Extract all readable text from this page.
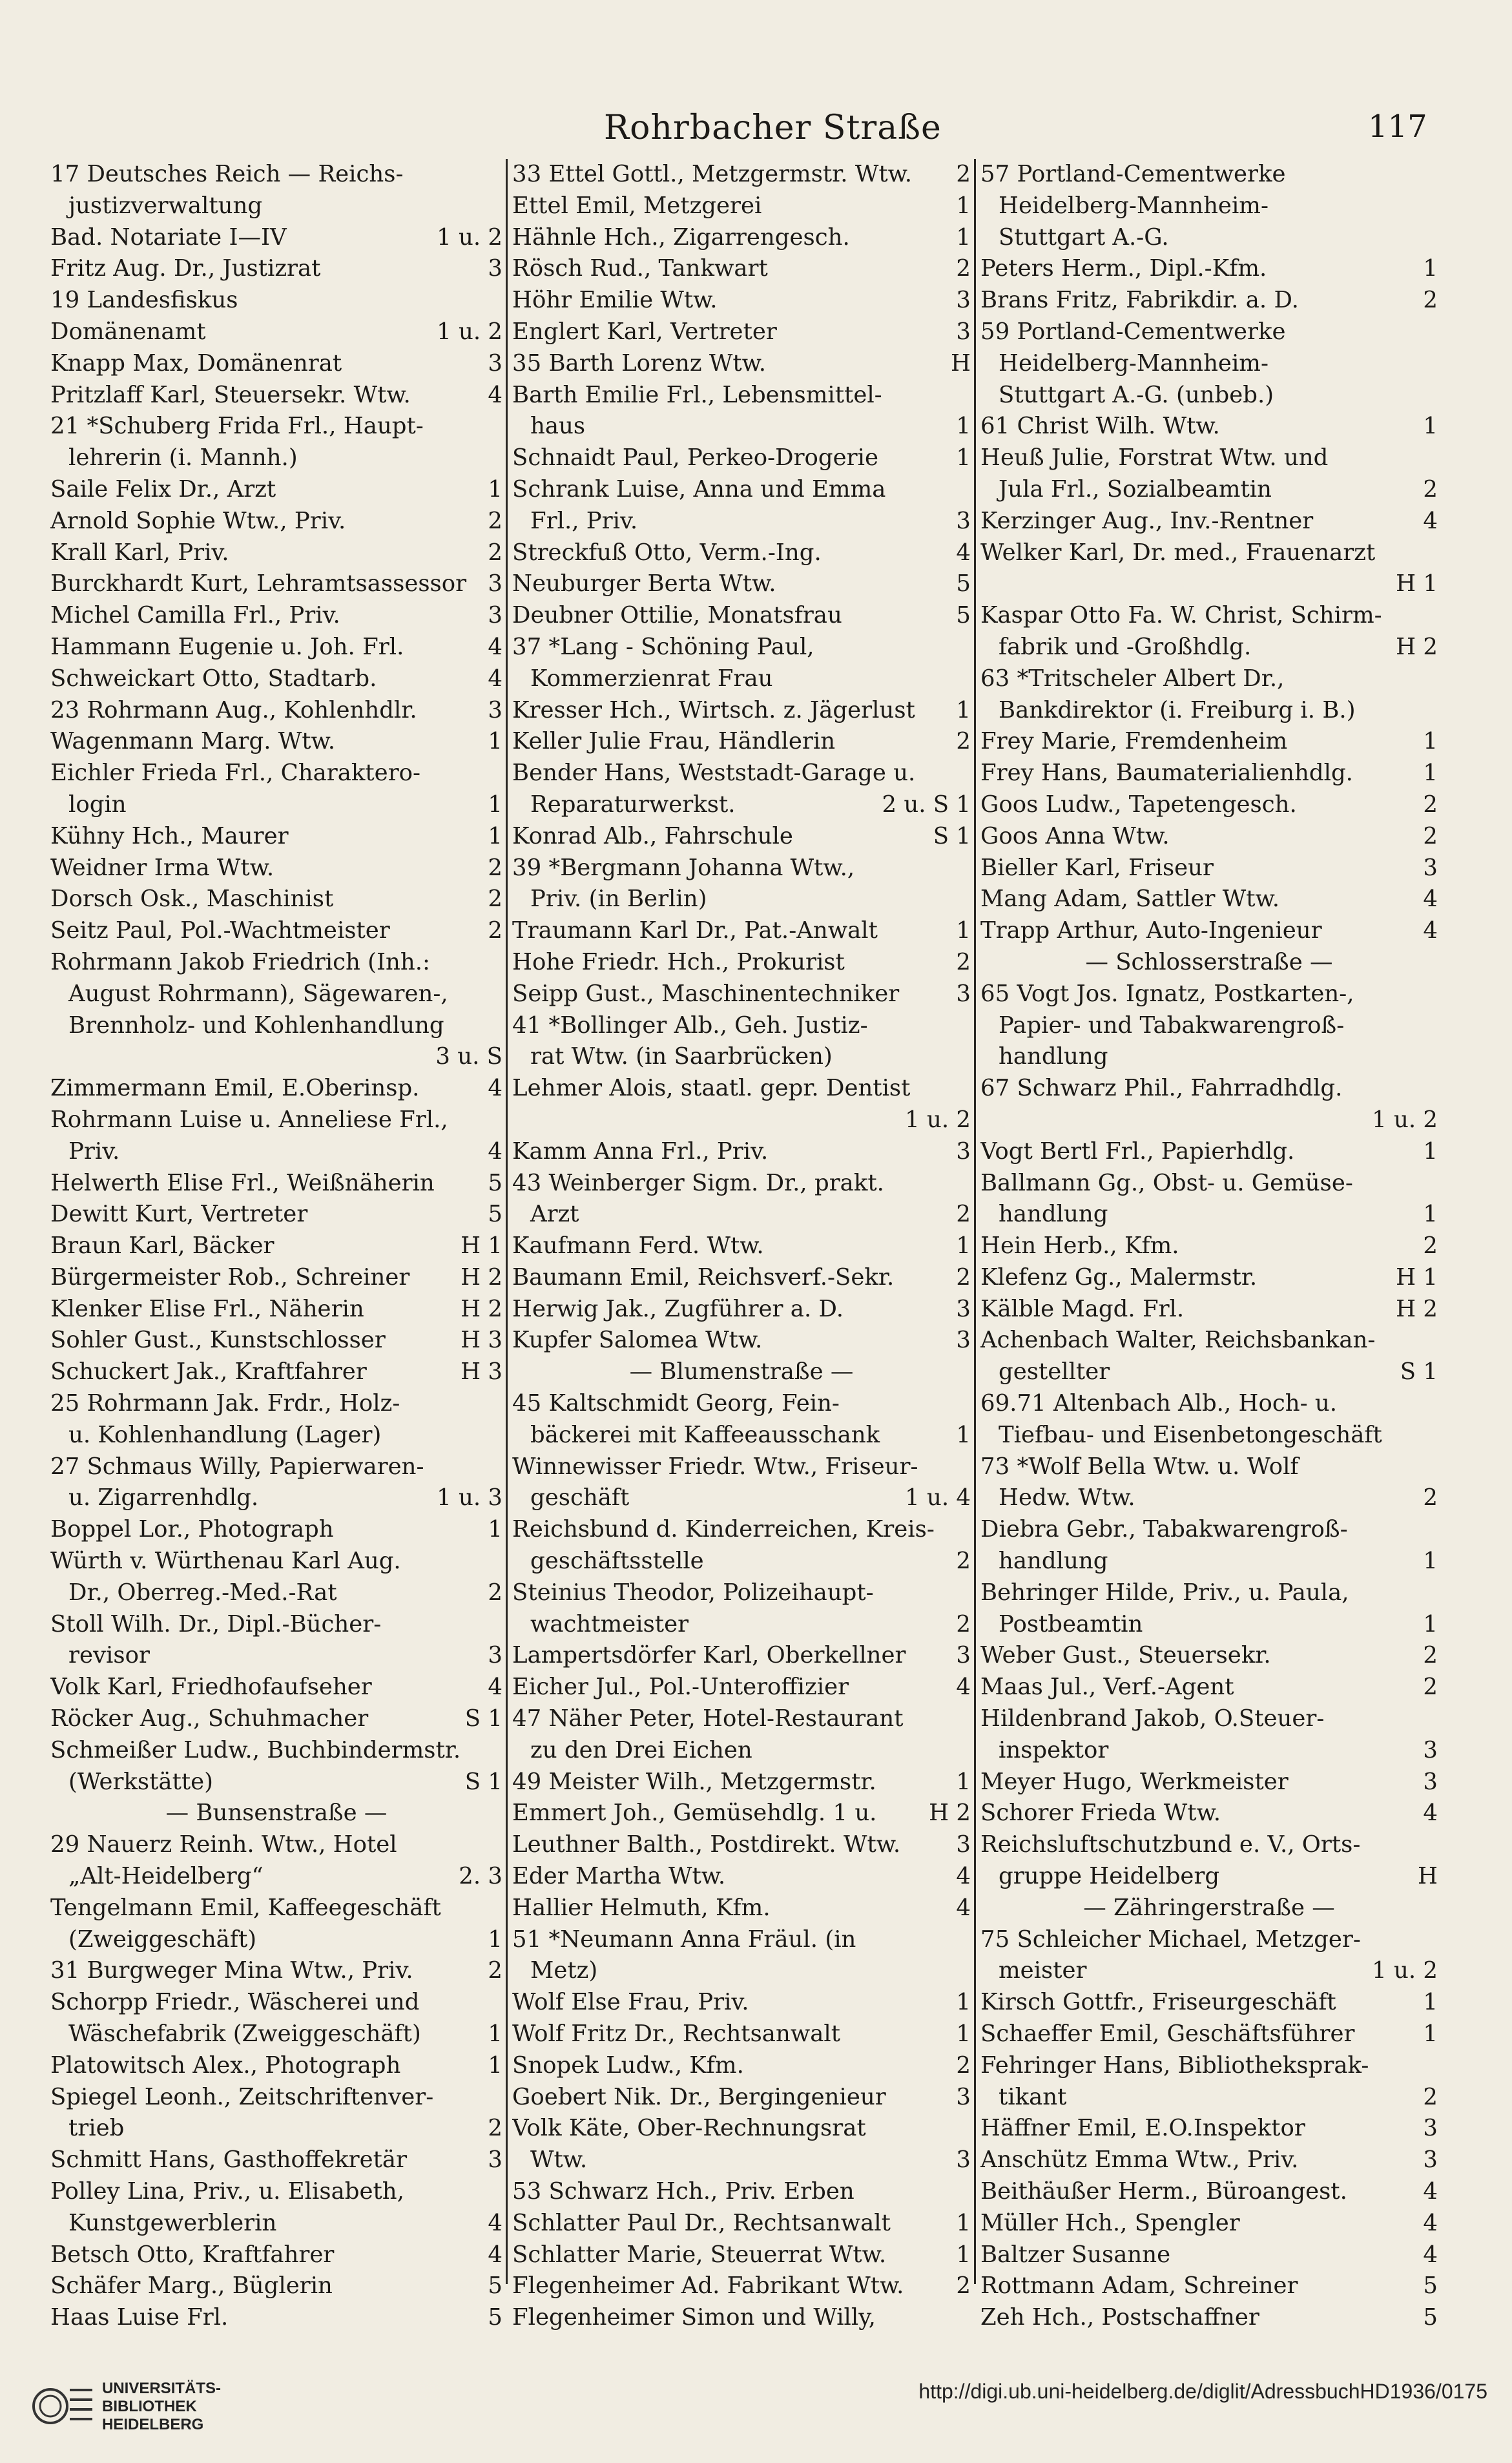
Rohrbacher Straße	117
17 Deutsches Reich — Reichs-
justizverwaltung
Bad. Notariate I—IV	1 u. 2
Fritz Aug. Dr., Justizrat	3
19 Landesfiskus
Domänenamt	1 u. 2
Knapp Max, Domänenrat	3
Pritzlaff Karl, Steuersekr. Wtw.	4
21 *Schuberg Frida Frl., Haupt-
lehrerin (i. Mannh.)
Saile Felix Dr., Arzt	1
Arnold Sophie Wtw., Priv.	2
Krall Karl, Priv.	2
Burckhardt Kurt, Lehramtsassessor 3
Michel Camilla Frl., Priv.	3
Hammann Eugenie u. Joh. Frl.	4
Schweickart Otto, Stadtarb.	4
23 Rohrmann Aug., Kohlenhdlr.	3
Wagenmann Marg. Wtw.	1
Eichler Frieda Frl., Charaktero-
login	1
Kühny Hch., Maurer	1
Weidner Irma Wtw.	2
Dorsch Osk., Maschinist	2
Seitz Paul, Pol.-Wachtmeister	2
Rohrmann Jakob Friedrich (Inh.:
August Rohrmann), Sägewaren-,
Brennholz- und Kohlenhandlung
3 u. S
Zimmermann Emil, E.Oberinsp.	4
Rohrmann Luise u. Anneliese Frl.,
Priv.	4
Helwerth Elise Frl., Weißnäherin	5
Dewitt Kurt, Vertreter	5
Braun Karl, Bäcker	H 1
Bürgermeister Rob., Schreiner	H 2
Klenker Elise Frl., Näherin	H 2
Sohler Gust., Kunstschlosser	H 3
Schuckert Jak., Kraftfahrer	H 3
25 Rohrmann Jak. Frdr., Holz-
u. Kohlenhandlung (Lager)
27 Schmaus Willy, Papierwaren-
u. Zigarrenhdlg.	1 u. 3
Boppel Lor., Photograph	1
Würth v. Würthenau Karl Aug.
Dr., Oberreg.-Med.-Rat	2
Stoll Wilh. Dr., Dipl.-Bücher-
revisor	3
Volk Karl, Friedhofaufseher	4
Röcker Aug., Schuhmacher	S 1
Schmeißer Ludw., Buchbindermstr.
(Werkstätte)	S 1
— Bunsenstraße —
29 Nauerz Reinh. Wtw., Hotel
„Alt-Heidelberg“	2. 3
Tengelmann Emil, Kaffeegeschäft
(Zweiggeschäft)	1
31 Burgweger Mina Wtw., Priv.	2
Schorpp Friedr., Wäscherei und
Wäschefabrik (Zweiggeschäft)	1
Platowitsch Alex., Photograph	1
Spiegel Leonh., Zeitschriftenver-
trieb	2
Schmitt Hans, Gasthoffekretär	3
Polley Lina, Priv., u. Elisabeth,
Kunstgewerblerin	4
Betsch Otto, Kraftfahrer	4
Schäfer Marg., Büglerin	5
Haas Luise Frl.	5
33 Ettel Gottl., Metzgermstr. Wtw.	2
Ettel Emil, Metzgerei	1
Hähnle Hch., Zigarrengesch.	1
Rösch Rud., Tankwart	2
Höhr Emilie Wtw.	3
Englert Karl, Vertreter	3
35 Barth Lorenz Wtw.	H
Barth Emilie Frl., Lebensmittel-
haus	1
Schnaidt Paul, Perkeo-Drogerie	1
Schrank Luise, Anna und Emma
Frl., Priv.	3
Streckfuß Otto, Verm.-Ing.	4
Neuburger Berta Wtw.	5
Deubner Ottilie, Monatsfrau	5
37 *Lang - Schöning Paul,
Kommerzienrat Frau
Kresser Hch., Wirtsch. z. Jägerlust	1
Keller Julie Frau, Händlerin	2
Bender Hans, Weststadt-Garage u.
Reparaturwerkst.	2 u. S 1
Konrad Alb., Fahrschule	S 1
39 *Bergmann Johanna Wtw.,
Priv. (in Berlin)
Traumann Karl Dr., Pat.-Anwalt	1
Hohe Friedr. Hch., Prokurist	2
Seipp Gust., Maschinentechniker	3
41 *Bollinger Alb., Geh. Justiz-
rat Wtw. (in Saarbrücken)
Lehmer Alois, staatl. gepr. Dentist
1 u. 2
Kamm Anna Frl., Priv.	3
43 Weinberger Sigm. Dr., prakt.
Arzt	2
Kaufmann Ferd. Wtw.	1
Baumann Emil, Reichsverf.-Sekr.	2
Herwig Jak., Zugführer a. D.	3
Kupfer Salomea Wtw.	3
— Blumenstraße —
45 Kaltschmidt Georg, Fein-
bäckerei mit Kaffeeausschank	1
Winnewisser Friedr. Wtw., Friseur-
geschäft	1 u. 4
Reichsbund d. Kinderreichen, Kreis-
geschäftsstelle	2
Steinius Theodor, Polizeihaupt-
wachtmeister	2
Lampertsdörfer Karl, Oberkellner	3
Eicher Jul., Pol.-Unteroffizier	4
47 Näher Peter, Hotel-Restaurant
zu den Drei Eichen
49 Meister Wilh., Metzgermstr.	1
Emmert Joh., Gemüsehdlg. 1 u.	H 2
Leuthner Balth., Postdirekt. Wtw.	3
Eder Martha Wtw.	4
Hallier Helmuth, Kfm.	4
51 *Neumann Anna Fräul. (in
Metz)
Wolf Else Frau, Priv.	1
Wolf Fritz Dr., Rechtsanwalt	1
Snopek Ludw., Kfm.	2
Goebert Nik. Dr., Bergingenieur	3
Volk Käte, Ober-Rechnungsrat
Wtw.	3
53 Schwarz Hch., Priv. Erben
Schlatter Paul Dr., Rechtsanwalt	1
Schlatter Marie, Steuerrat Wtw.	1
Flegenheimer Ad. Fabrikant Wtw.	2
Flegenheimer Simon und Willy,
57 Portland-Cementwerke
Heidelberg-Mannheim-
Stuttgart A.-G.
Peters Herm., Dipl.-Kfm.	1
Brans Fritz, Fabrikdir. a. D.	2
59 Portland-Cementwerke
Heidelberg-Mannheim-
Stuttgart A.-G. (unbeb.)
61 Christ Wilh. Wtw.	1
Heuß Julie, Forstrat Wtw. und
Jula Frl., Sozialbeamtin	2
Kerzinger Aug., Inv.-Rentner	4
Welker Karl, Dr. med., Frauenarzt
H 1
Kaspar Otto Fa. W. Christ, Schirm-
fabrik und -Großhdlg.	H 2
63 *Tritscheler Albert Dr.,
Bankdirektor (i. Freiburg i. B.)
Frey Marie, Fremdenheim	1
Frey Hans, Baumaterialienhdlg.	1
Goos Ludw., Tapetengesch.	2
Goos Anna Wtw.	2
Bieller Karl, Friseur	3
Mang Adam, Sattler Wtw.	4
Trapp Arthur, Auto-Ingenieur	4
— Schlosserstraße —
65 Vogt Jos. Ignatz, Postkarten-,
Papier- und Tabakwarengroß-
handlung
67 Schwarz Phil., Fahrradhdlg.
1 u. 2
Vogt Bertl Frl., Papierhdlg.	1
Ballmann Gg., Obst- u. Gemüse-
handlung	1
Hein Herb., Kfm.	2
Klefenz Gg., Malermstr.	H 1
Kälble Magd. Frl.	H 2
Achenbach Walter, Reichsbankan-
gestellter	S 1
69.71 Altenbach Alb., Hoch- u.
Tiefbau- und Eisenbetongeschäft
73 *Wolf Bella Wtw. u. Wolf
Hedw. Wtw.	2
Diebra Gebr., Tabakwarengroß-
handlung	1
Behringer Hilde, Priv., u. Paula,
Postbeamtin	1
Weber Gust., Steuersekr.	2
Maas Jul., Verf.-Agent	2
Hildenbrand Jakob, O.Steuer-
inspektor	3
Meyer Hugo, Werkmeister	3
Schorer Frieda Wtw.	4
Reichsluftschutzbund e. V., Orts-
gruppe Heidelberg	H
— Zähringerstraße —
75 Schleicher Michael, Metzger-
meister	1 u. 2
Kirsch Gottfr., Friseurgeschäft	1
Schaeffer Emil, Geschäftsführer	1
Fehringer Hans, Bibliotheksprak-
tikant	2
Häffner Emil, E.O.Inspektor	3
Anschütz Emma Wtw., Priv.	3
Beithäußer Herm., Büroangest.	4
Müller Hch., Spengler	4
Baltzer Susanne	4
Rottmann Adam, Schreiner	5
Zeh Hch., Postschaffner	5
UNIVERSITÄTS-
BIBLIOTHEK
HEIDELBERG
http://digi.ub.uni-heidelberg.de/diglit/AdressbuchHD1936/0175
